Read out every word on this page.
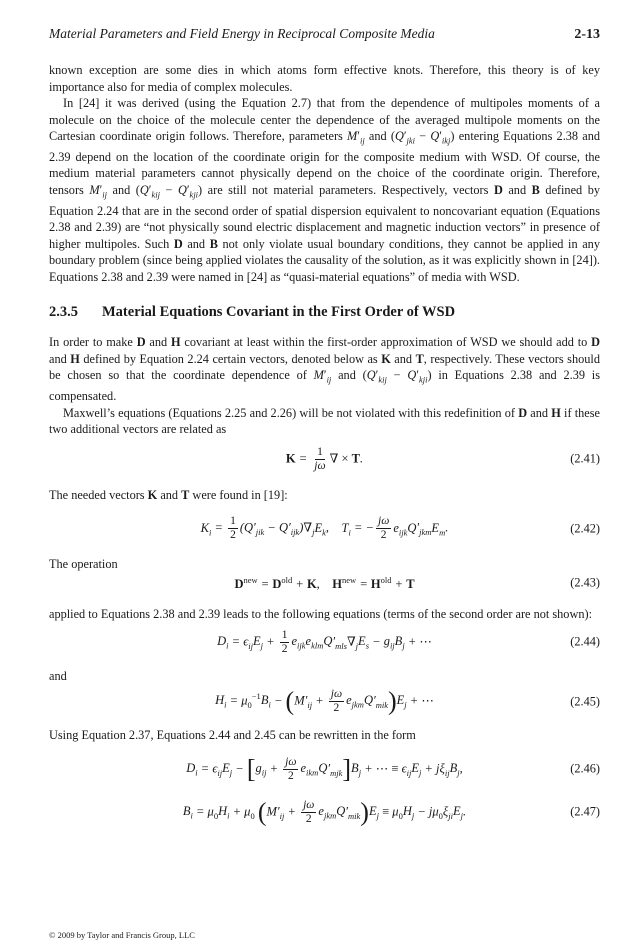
Material Parameters and Field Energy in Reciprocal Composite Media	2-13

known exception are some dies in which atoms form effective knots. Therefore, this theory is of key importance also for media of complex molecules.

In [24] it was derived (using the Equation 2.7) that from the dependence of multipoles moments of a molecule on the choice of the molecule center the dependence of the averaged multipole moments on the Cartesian coordinate origin follows. Therefore, parameters $M'_{ij}$ and $(Q'_{jki} - Q'_{ikj})$ entering Equations 2.38 and 2.39 depend on the location of the coordinate origin for the composite medium with WSD. Of course, the medium material parameters cannot physically depend on the choice of the coordinate origin. Therefore, tensors $M'_{ij}$ and $(Q'_{kij} - Q'_{kji})$ are still not material parameters. Respectively, vectors D and B defined by Equation 2.24 that are in the second order of spatial dispersion equivalent to noncovariant equation (Equations 2.38 and 2.39) are “not physically sound electric displacement and magnetic induction vectors” in presence of higher multipoles. Such D and B not only violate usual boundary conditions, they cannot be applied in any boundary problem (since being applied violates the causality of the solution, as it was explicitly shown in [24]). Equations 2.38 and 2.39 were named in [24] as “quasi-material equations” of media with WSD.

2.3.5 Material Equations Covariant in the First Order of WSD

In order to make D and H covariant at least within the first-order approximation of WSD we should add to D and H defined by Equation 2.24 certain vectors, denoted below as K and T, respectively. These vectors should be chosen so that the coordinate dependence of $M'_{ij}$ and $(Q'_{kij} - Q'_{kji})$ in Equations 2.38 and 2.39 is compensated.

Maxwell’s equations (Equations 2.25 and 2.26) will be not violated with this redefinition of D and H if these two additional vectors are related as

$K = \frac{1}{j\omega}$ ∇ × T.	(2.41)

The needed vectors K and T were found in [19]:

$K_i = \frac{1}{2} (Q'_{jik} - Q'_{ijk})\nabla_jE_k$,    $T_i$ = − $\frac{j\omega}{2} e_{ijk}Q'_{jkm}E_m$.	(2.42)

The operation

$D^{new} = D^{old} + K$,    $H^{new} = H^{old} + T$	(2.43)

applied to Equations 2.38 and 2.39 leads to the following equations (terms of the second order are not shown):

$D_i = \epsilon_{ij}E_j + \frac{1}{2} e_{ijk}e_{klm}Q'_{mls}\nabla_jE_s - g_{ij}B_j$ + ⋯	(2.44)

and

$H_i = \mu_0^{-1}B_i - (M'_{ij} + \frac{j\omega}{2} e_{jkm}Q'_{mik})E_j$ + ⋯	(2.45)

Using Equation 2.37, Equations 2.44 and 2.45 can be rewritten in the form

$D_i = \epsilon_{ij}E_j - [g_{ij} + \frac{j\omega}{2} e_{ikm}Q'_{mjk}]B_j$ + ⋯ ≡ $\epsilon_{ij}E_j + j\xi_{ij}B_j$,	(2.46)
$B_i = \mu_0H_i + \mu_0$ $(M'_{ij} + \frac{j\omega}{2} e_{jkm}Q'_{mik})E_j \equiv \mu_0H_j - j\mu_0\xi_{ji}E_j$.	(2.47)
© 2009 by Taylor and Francis Group, LLC
